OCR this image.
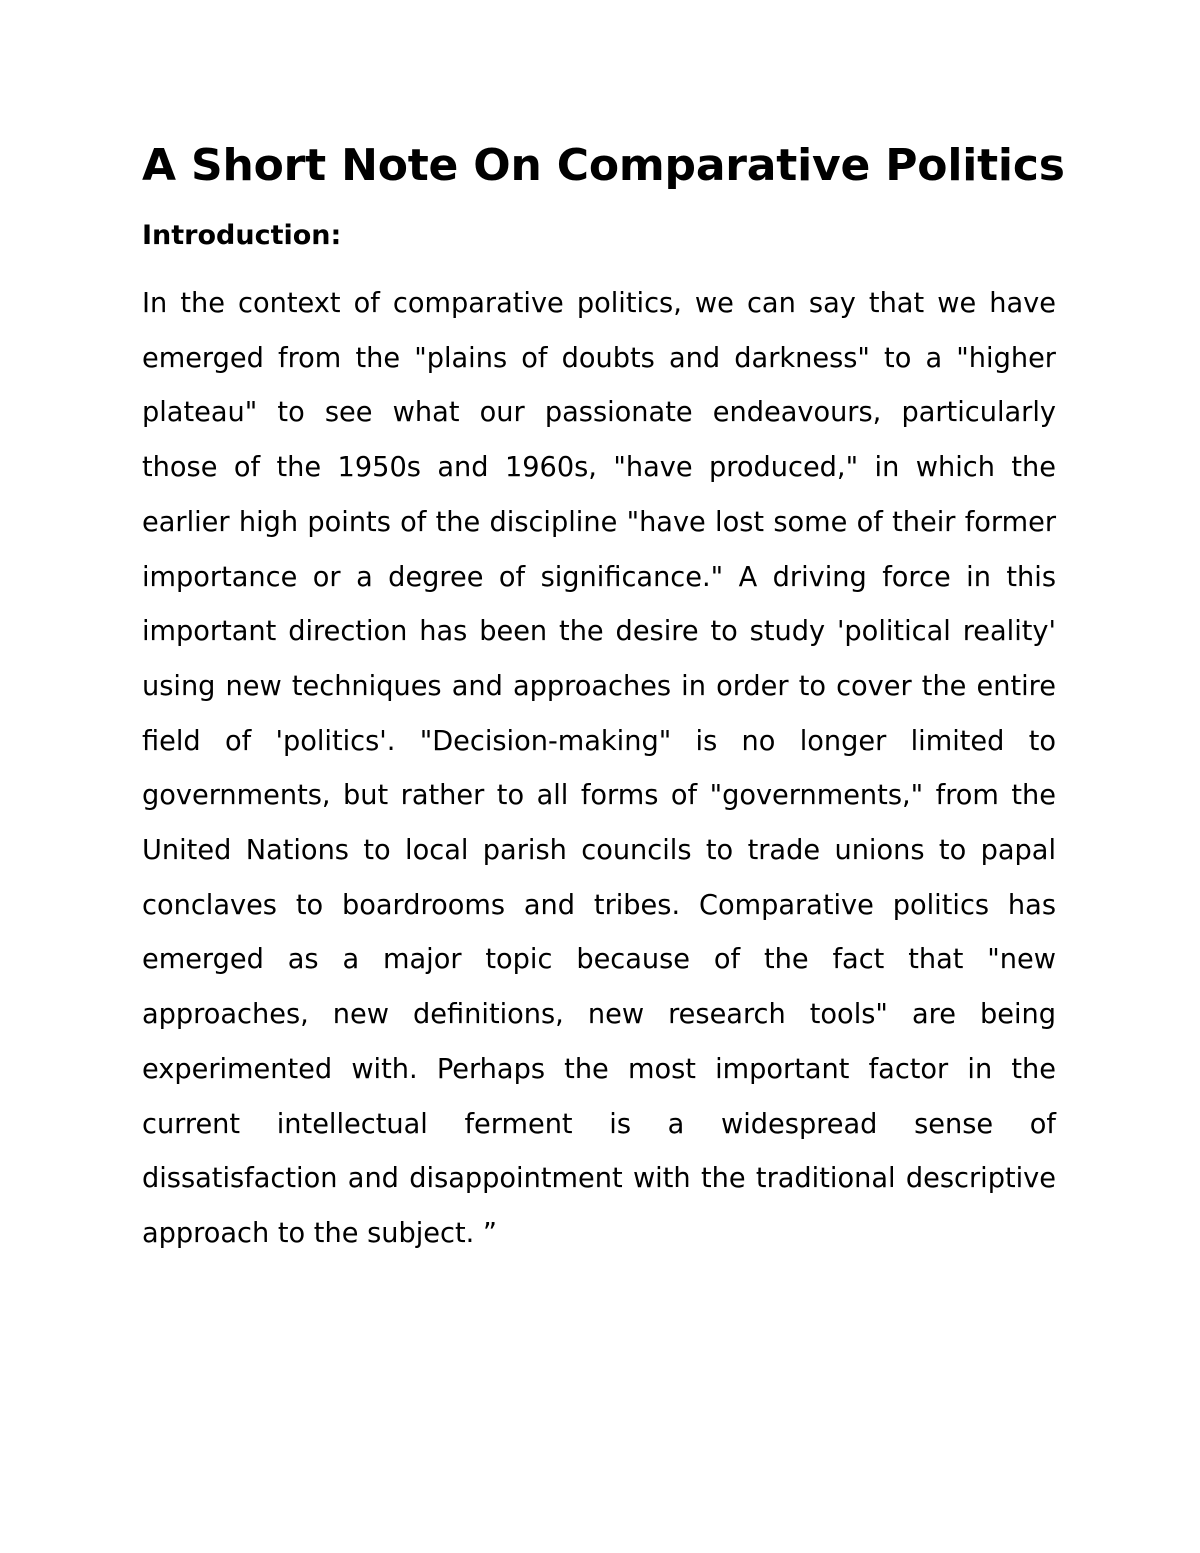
A Short Note On Comparative Politics
Introduction:

In the context of comparative politics, we can say that we have emerged from the "plains of doubts and darkness" to a "higher plateau" to see what our passionate endeavours, particularly those of the 1950s and 1960s, "have produced," in which the earlier high points of the discipline "have lost some of their former importance or a degree of significance." A driving force in this important direction has been the desire to study 'political reality' using new techniques and approaches in order to cover the entire field of 'politics'. "Decision-making" is no longer limited to governments, but rather to all forms of "governments," from the United Nations to local parish councils to trade unions to papal conclaves to boardrooms and tribes. Comparative politics has emerged as a major topic because of the fact that "new approaches, new definitions, new research tools" are being experimented with. Perhaps the most important factor in the current intellectual ferment is a widespread sense of dissatisfaction and disappointment with the traditional descriptive approach to the subject. ”
